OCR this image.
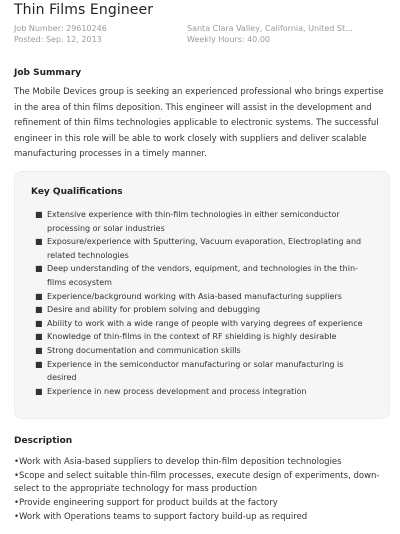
Thin Films Engineer
Job Number: 29610246
Posted: Sep. 12, 2013
Santa Clara Valley, California, United St...
Weekly Hours: 40.00
Job Summary
The Mobile Devices group is seeking an experienced professional who brings expertise in the area of thin films deposition. This engineer will assist in the development and refinement of thin films technologies applicable to electronic systems. The successful engineer in this role will be able to work closely with suppliers and deliver scalable manufacturing processes in a timely manner.
Key Qualifications
■ Extensive experience with thin-film technologies in either semiconductor processing or solar industries
■ Exposure/experience with Sputtering, Vacuum evaporation, Electroplating and related technologies
■ Deep understanding of the vendors, equipment, and technologies in the thin-films ecosystem
■ Experience/background working with Asia-based manufacturing suppliers
■ Desire and ability for problem solving and debugging
■ Ability to work with a wide range of people with varying degrees of experience
■ Knowledge of thin-films in the context of RF shielding is highly desirable
■ Strong documentation and communication skills
■ Experience in the semiconductor manufacturing or solar manufacturing is desired
■ Experience in new process development and process integration
Description
•Work with Asia-based suppliers to develop thin-film deposition technologies
•Scope and select suitable thin-film processes, execute design of experiments, down-select to the appropriate technology for mass production
•Provide engineering support for product builds at the factory
•Work with Operations teams to support factory build-up as required
